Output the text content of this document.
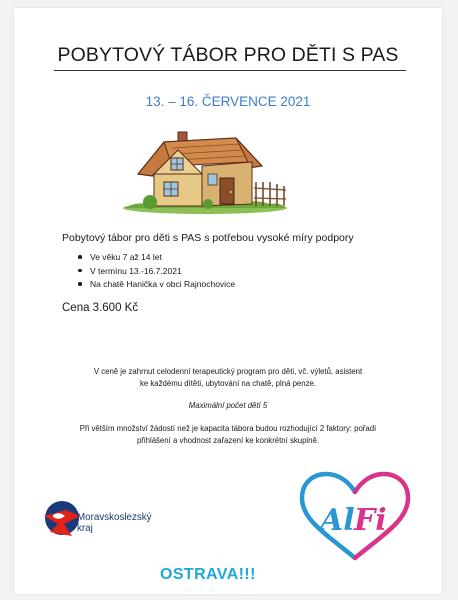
POBYTOVÝ TÁBOR PRO DĚTI S PAS
13. – 16. ČERVENCE 2021
Pobytový tábor pro děti s PAS s potřebou vysoké míry podpory
Ve věku 7 až 14 let
V termínu 13.-16.7.2021
Na chatě Hanička v obci Rajnochovice
Cena 3.600 Kč
V ceně je zahrnut celodenní terapeutický program pro děti, vč. výletů, asistent
ke každému dítěti, ubytování na chatě, plná penze.
Maximální počet dětí 5
Při větším množství žádostí než je kapacita tábora budou rozhodující 2 faktory: pořadí
přihlášení a vhodnost zařazení ke konkrétní skupině.
Moravskoslezský
kraj	Al Fi
OSTRAVA!!!
